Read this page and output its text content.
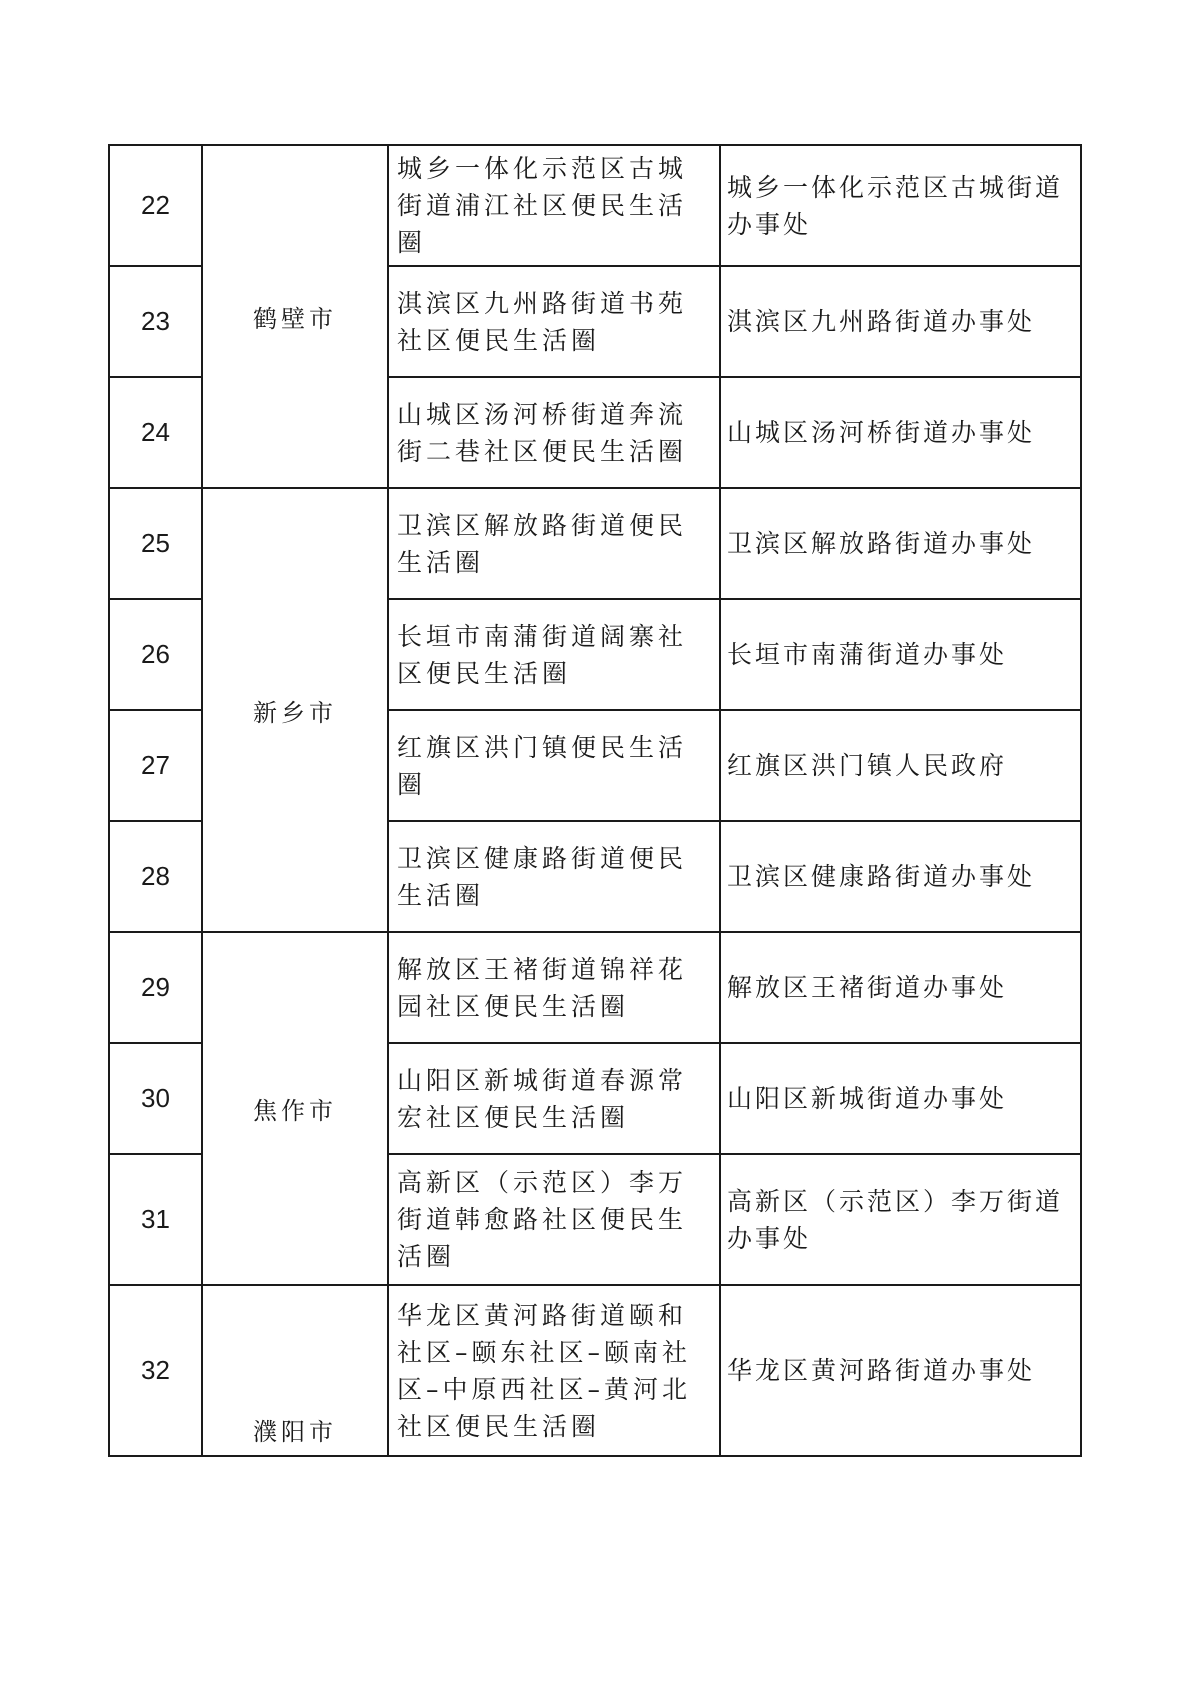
22	鹤壁市	城乡一体化示范区古城街道浦江社区便民生活圈	城乡一体化示范区古城街道办事处
23		淇滨区九州路街道书苑社区便民生活圈	淇滨区九州路街道办事处
24		山城区汤河桥街道奔流街二巷社区便民生活圈	山城区汤河桥街道办事处
25	新乡市	卫滨区解放路街道便民生活圈	卫滨区解放路街道办事处
26		长垣市南蒲街道阔寨社区便民生活圈	长垣市南蒲街道办事处
27		红旗区洪门镇便民生活圈	红旗区洪门镇人民政府
28		卫滨区健康路街道便民生活圈	卫滨区健康路街道办事处
29	焦作市	解放区王褚街道锦祥花园社区便民生活圈	解放区王褚街道办事处
30		山阳区新城街道春源常宏社区便民生活圈	山阳区新城街道办事处
31		高新区（示范区）李万街道韩愈路社区便民生活圈	高新区（示范区）李万街道办事处
32	濮阳市	华龙区黄河路街道颐和社区–颐东社区–颐南社区–中原西社区–黄河北社区便民生活圈	华龙区黄河路街道办事处
